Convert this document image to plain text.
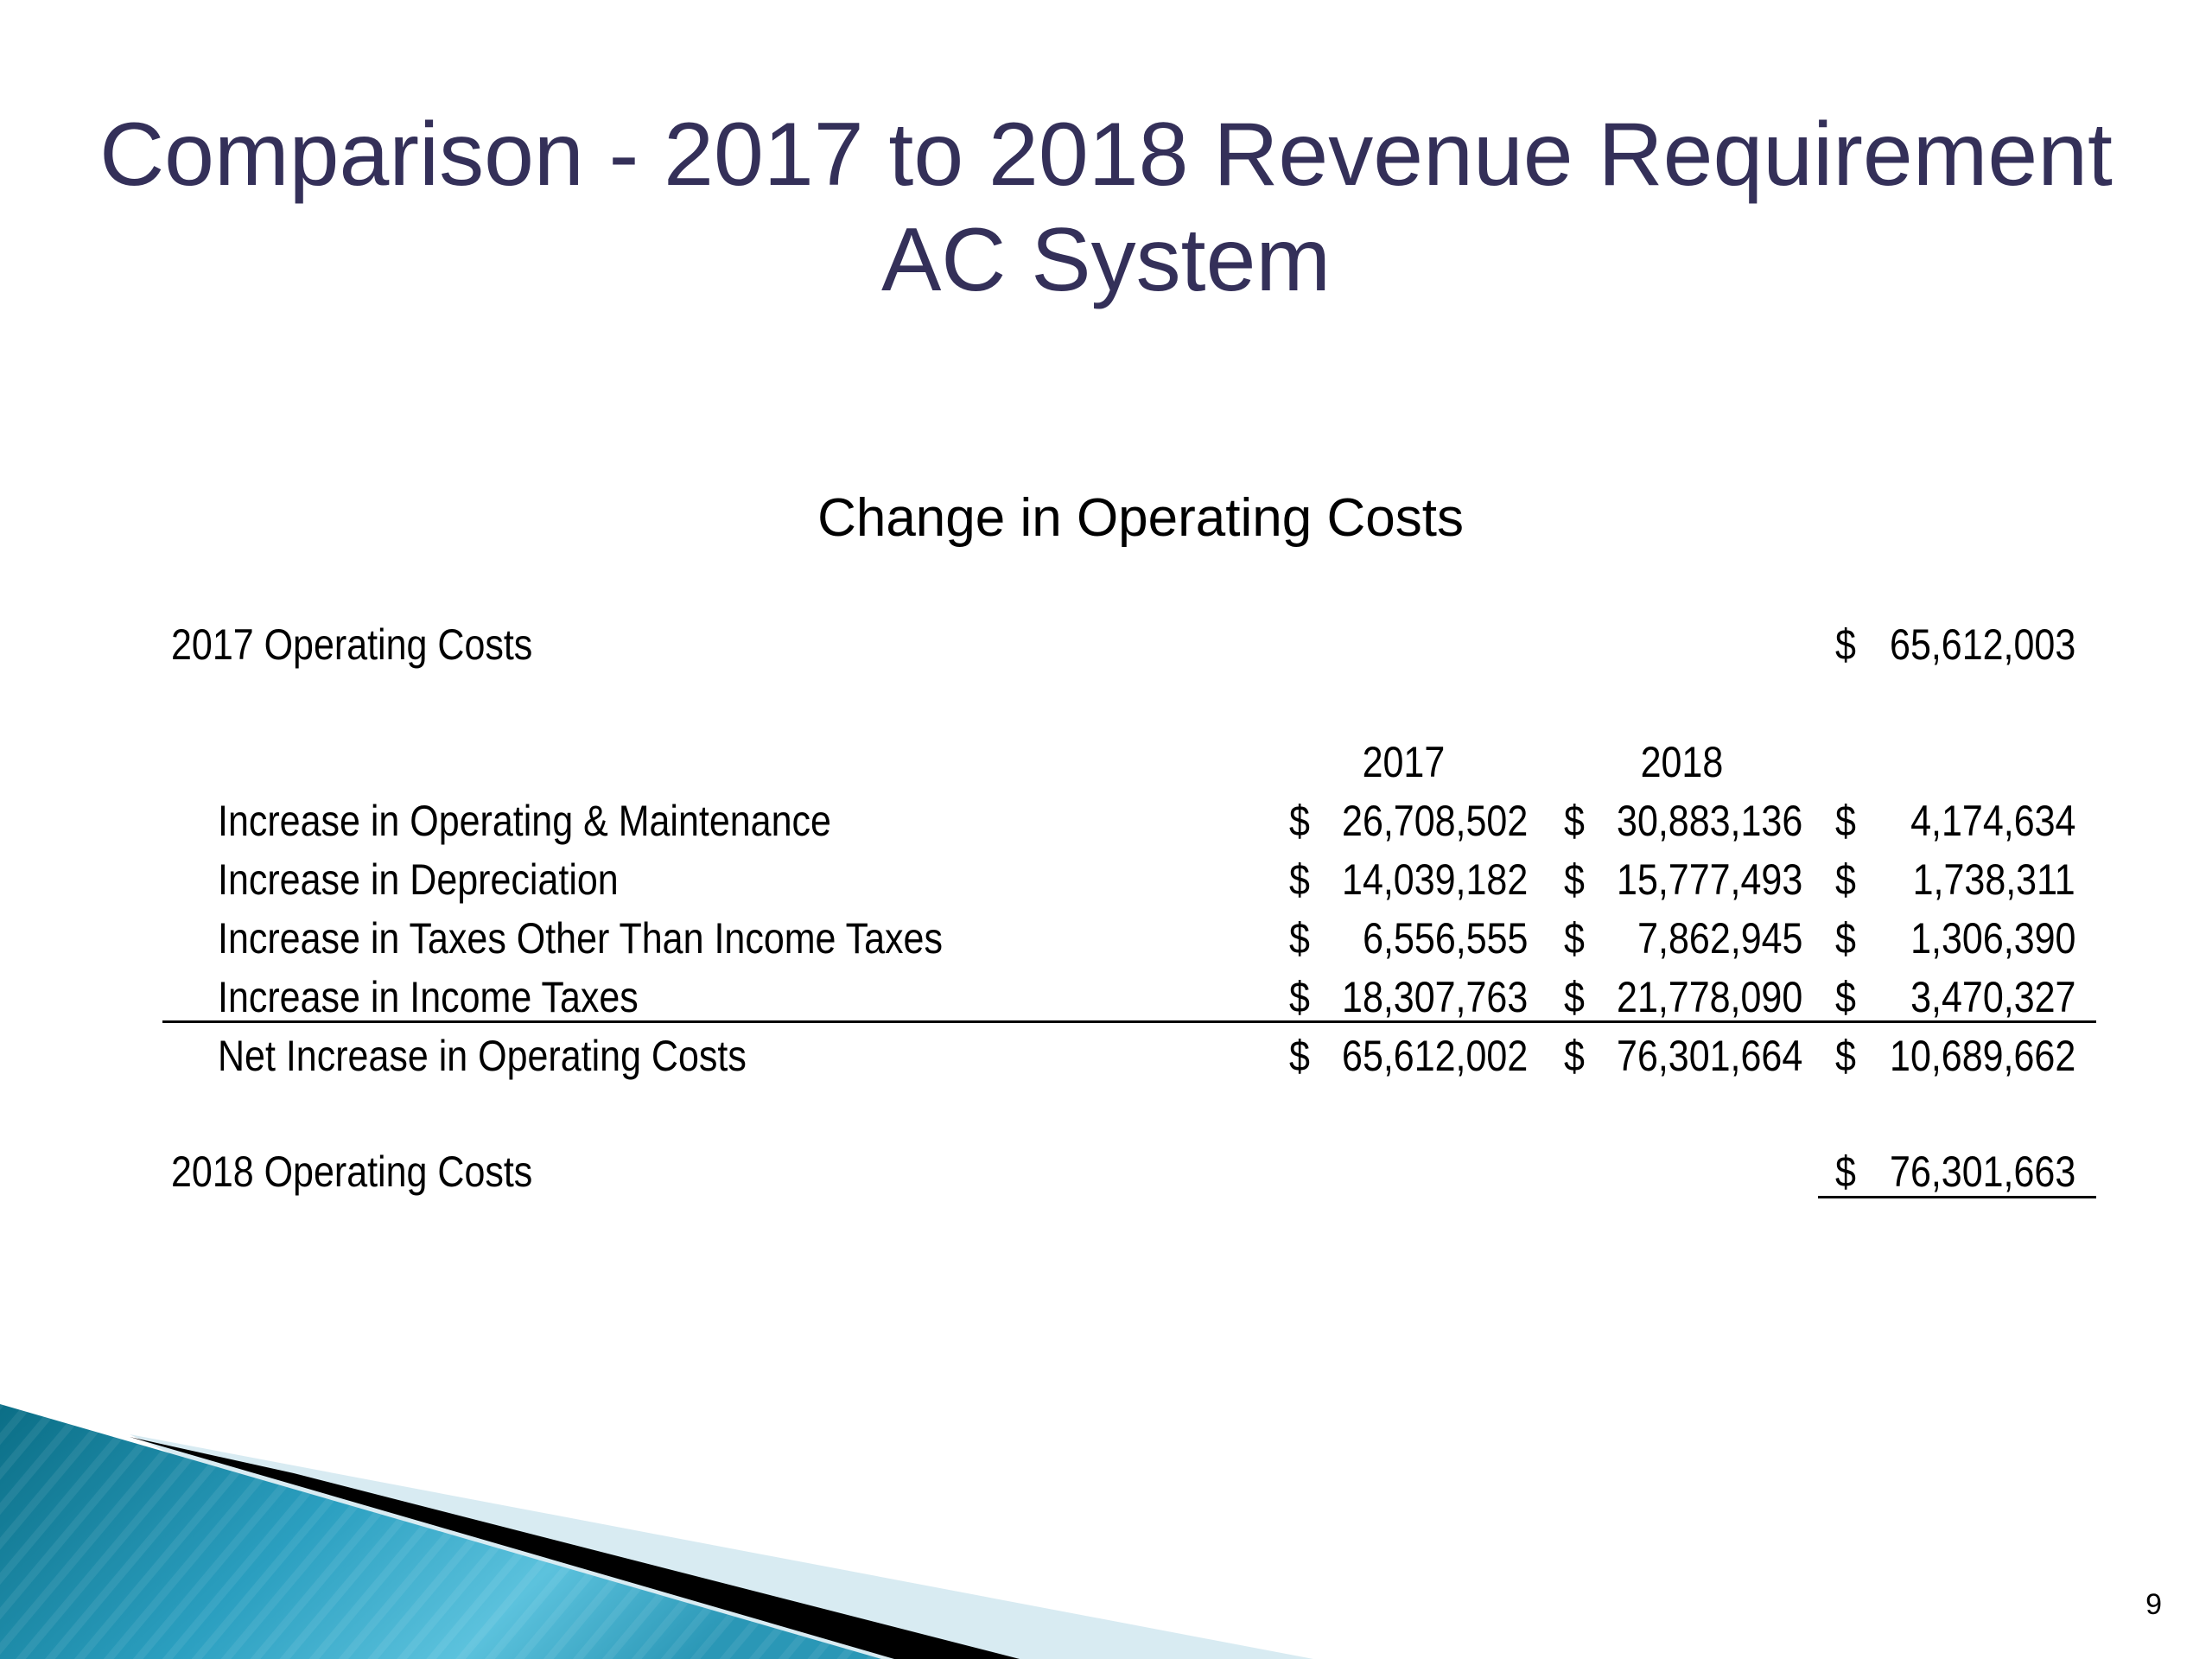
Comparison - 2017 to 2018 Revenue Requirement
AC System
Change in Operating Costs
2017 Operating Costs	$ 65,612,003
2017	2018
Increase in Operating & Maintenance	$ 26,708,502 $ 30,883,136 $ 4,174,634
Increase in Depreciation	$ 14,039,182 $ 15,777,493 $ 1,738,311
Increase in Taxes Other Than Income Taxes	$ 6,556,555 $ 7,862,945 $ 1,306,390
Increase in Income Taxes	$ 18,307,763 $ 21,778,090 $ 3,470,327
Net Increase in Operating Costs	$ 65,612,002 $ 76,301,664 $ 10,689,662
2018 Operating Costs	$ 76,301,663
9
